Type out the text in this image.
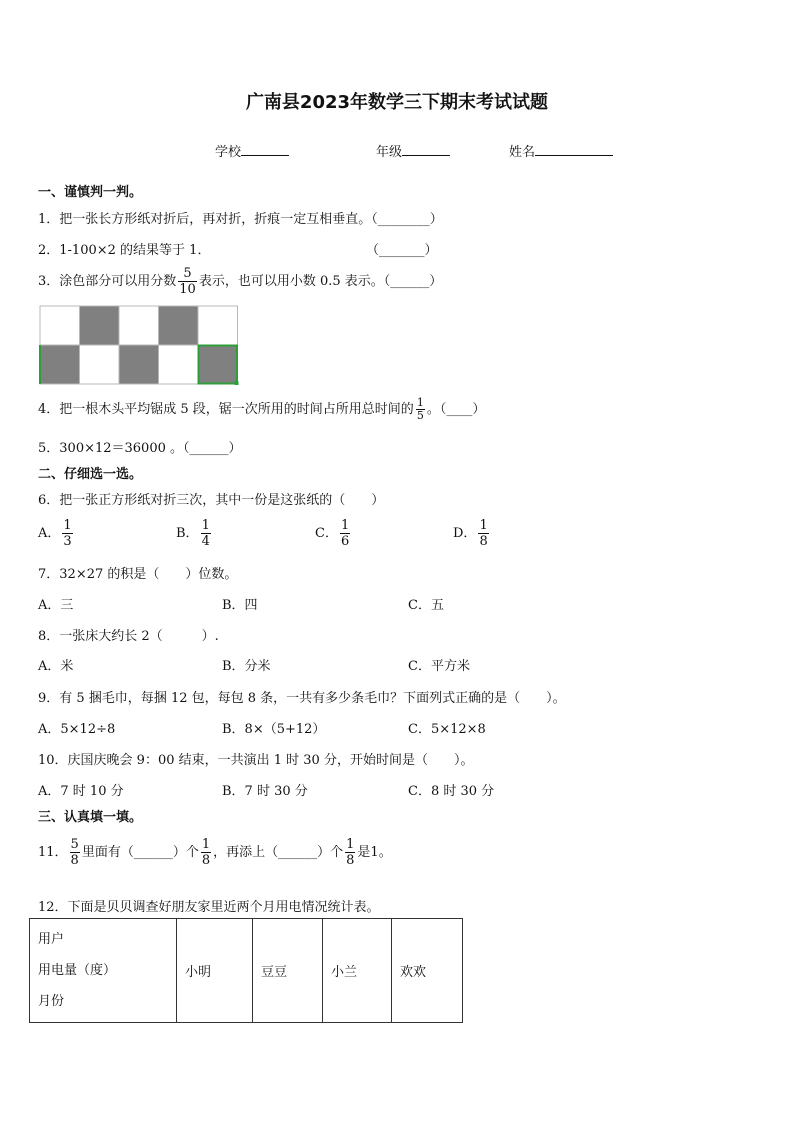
广南县2023年数学三下期末考试试题
学校	年级	姓名
一、谨慎判一判。
1．把一张长方形纸对折后，再对折，折痕一定互相垂直。（________）
2．1-100×2 的结果等于 1．	（_______）
3．涂色部分可以用分数 $\frac{5}{10}$ 表示，也可以用小数 0.5 表示。（______）
4．把一根木头平均锯成 5 段，锯一次所用的时间占所用总时间的 $\frac{1}{5}$ 。（____）
5．300×12＝36000 。（______）
二、仔细选一选。
6．把一张正方形纸对折三次，其中一份是这张纸的（　　）
A． $\frac{1}{3}$	B． $\frac{1}{4}$	C． $\frac{1}{6}$	D． $\frac{1}{8}$
7．32×27 的积是（　　）位数。
A．三	B．四	C．五
8．一张床大约长 2（　　　）.
A．米	B．分米	C．平方米
9．有 5 捆毛巾，每捆 12 包，每包 8 条，一共有多少条毛巾？下面列式正确的是（　　）。
A．5×12÷8	B．8×（5+12）	C．5×12×8
10．庆国庆晚会 9：00 结束，一共演出 1 时 30 分，开始时间是（　　）。
A．7 时 10 分	B．7 时 30 分	C．8 时 30 分
三、认真填一填。
11． $\frac{5}{8}$ 里面有（______）个 $\frac{1}{8}$ ，再添上（______）个 $\frac{1}{8}$ 是1。
12．下面是贝贝调查好朋友家里近两个月用电情况统计表。
用户
用电量（度）
月份
	小明	豆豆	小兰	欢欢
